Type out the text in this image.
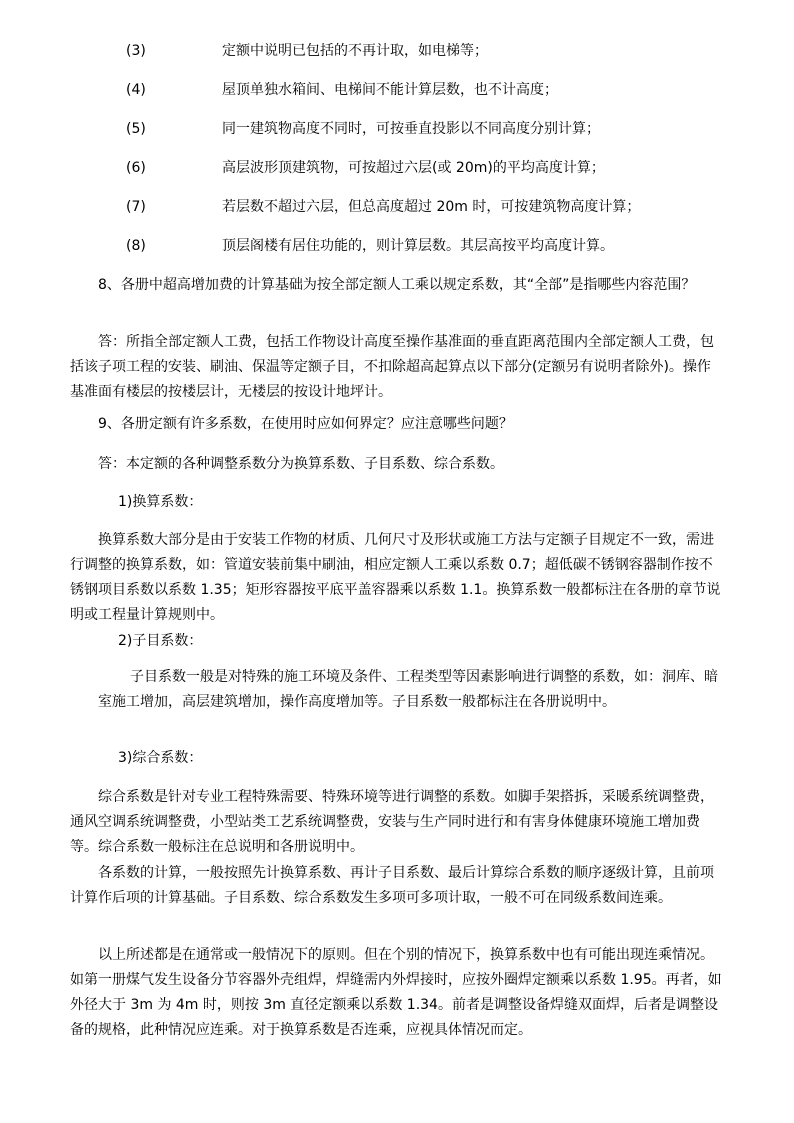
(3)	定额中说明已包括的不再计取，如电梯等；
(4)	屋顶单独水箱间、电梯间不能计算层数，也不计高度；
(5)	同一建筑物高度不同时，可按垂直投影以不同高度分别计算；
(6)	高层波形顶建筑物，可按超过六层(或 20m)的平均高度计算；
(7)	若层数不超过六层，但总高度超过 20m 时，可按建筑物高度计算；
(8)	顶层阁楼有居住功能的，则计算层数。其层高按平均高度计算。

8、各册中超高增加费的计算基础为按全部定额人工乘以规定系数，其“全部”是指哪些内容范围？

答：所指全部定额人工费，包括工作物设计高度至操作基准面的垂直距离范围内全部定额人工费，包括该子项工程的安装、刷油、保温等定额子目，不扣除超高起算点以下部分(定额另有说明者除外)。操作基准面有楼层的按楼层计，无楼层的按设计地坪计。

9、各册定额有许多系数，在使用时应如何界定？应注意哪些问题？

答：本定额的各种调整系数分为换算系数、子目系数、综合系数。

1)换算系数：

换算系数大部分是由于安装工作物的材质、几何尺寸及形状或施工方法与定额子目规定不一致，需进行调整的换算系数，如：管道安装前集中刷油，相应定额人工乘以系数 0.7；超低碳不锈钢容器制作按不锈钢项目系数以系数 1.35；矩形容器按平底平盖容器乘以系数 1.1。换算系数一般都标注在各册的章节说明或工程量计算规则中。

2)子目系数：

子目系数一般是对特殊的施工环境及条件、工程类型等因素影响进行调整的系数，如：洞库、暗室施工增加，高层建筑增加，操作高度增加等。子目系数一般都标注在各册说明中。

3)综合系数：

综合系数是针对专业工程特殊需要、特殊环境等进行调整的系数。如脚手架搭拆，采暖系统调整费，通风空调系统调整费，小型站类工艺系统调整费，安装与生产同时进行和有害身体健康环境施工增加费等。综合系数一般标注在总说明和各册说明中。

各系数的计算，一般按照先计换算系数、再计子目系数、最后计算综合系数的顺序逐级计算，且前项计算作后项的计算基础。子目系数、综合系数发生多项可多项计取，一般不可在同级系数间连乘。

以上所述都是在通常或一般情况下的原则。但在个别的情况下，换算系数中也有可能出现连乘情况。如第一册煤气发生设备分节容器外壳组焊，焊缝需内外焊接时，应按外圈焊定额乘以系数 1.95。再者，如外径大于 3m 为 4m 时，则按 3m 直径定额乘以系数 1.34。前者是调整设备焊缝双面焊，后者是调整设备的规格，此种情况应连乘。对于换算系数是否连乘，应视具体情况而定。
